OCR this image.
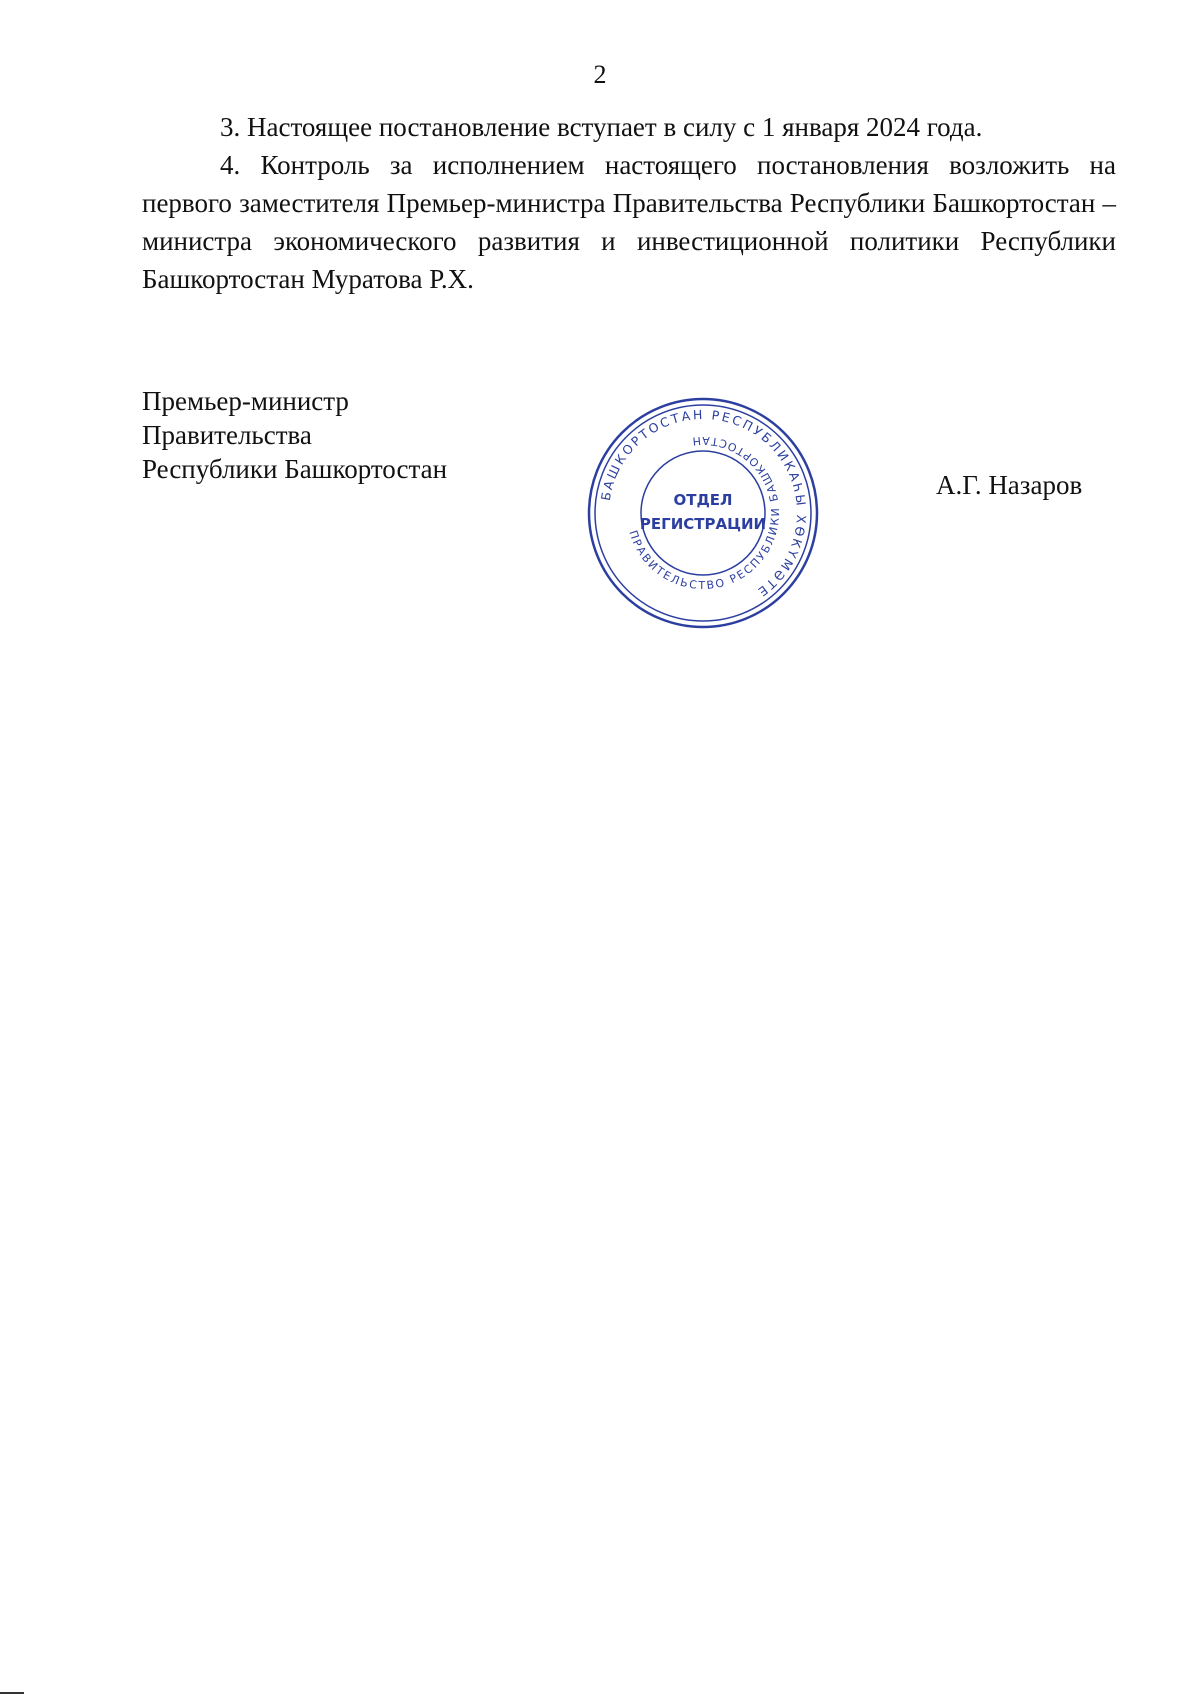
2

3. Настоящее постановление вступает в силу с 1 января 2024 года.

4. Контроль за исполнением настоящего постановления возложить на первого заместителя Премьер-министра Правительства Республики Башкортостан – министра экономического развития и инвестиционной политики Республики Башкортостан Муратова Р.Х.

Премьер-министр
Правительства
Республики Башкортостан
А.Г. Назаров
БАШКОРТОСТАН РЕСПУБЛИКАҺЫ ХӨКҮМӘТЕ
ПРАВИТЕЛЬСТВО РЕСПУБЛИКИ БАШКОРТОСТАН
ОТДЕЛ
РЕГИСТРАЦИИ
